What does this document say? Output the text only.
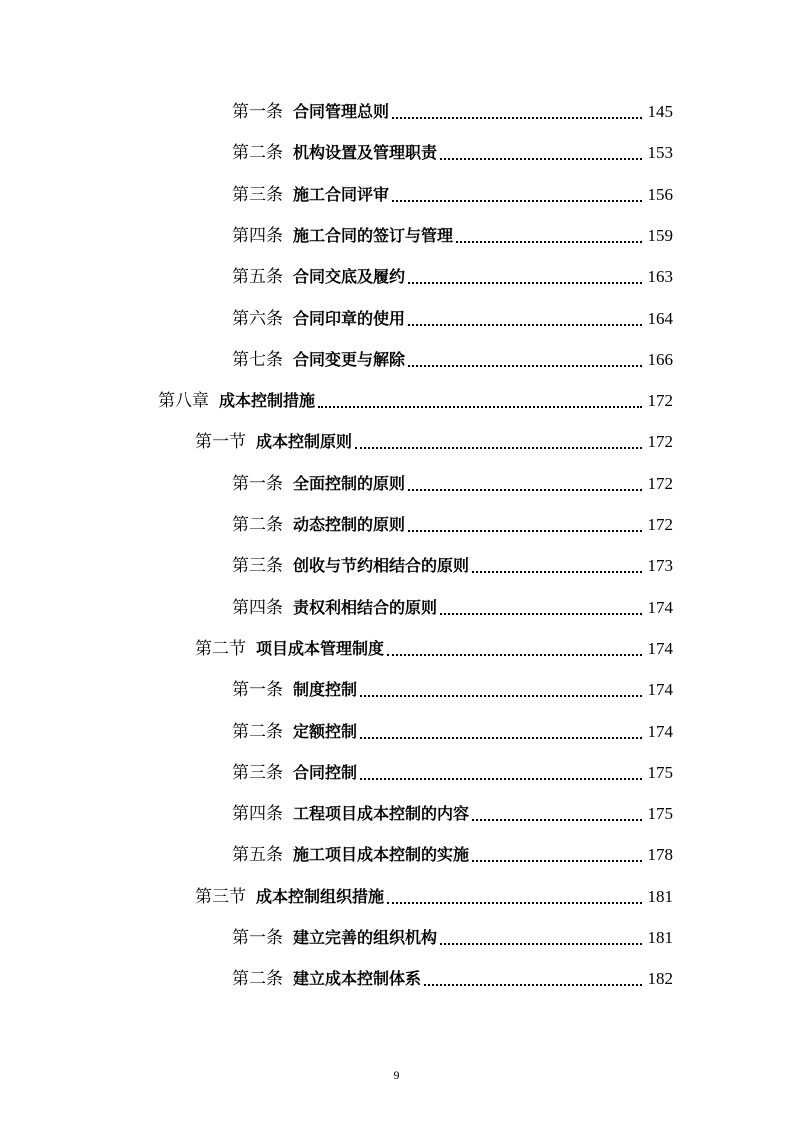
第一条 合同管理总则	145
第二条 机构设置及管理职责	153
第三条 施工合同评审	156
第四条 施工合同的签订与管理	159
第五条 合同交底及履约	163
第六条 合同印章的使用	164
第七条 合同变更与解除	166
第八章 成本控制措施	172
第一节 成本控制原则	172
第一条 全面控制的原则	172
第二条 动态控制的原则	172
第三条 创收与节约相结合的原则	173
第四条 责权利相结合的原则	174
第二节 项目成本管理制度	174
第一条 制度控制	174
第二条 定额控制	174
第三条 合同控制	175
第四条 工程项目成本控制的内容	175
第五条 施工项目成本控制的实施	178
第三节 成本控制组织措施	181
第一条 建立完善的组织机构	181
第二条 建立成本控制体系	182
9
